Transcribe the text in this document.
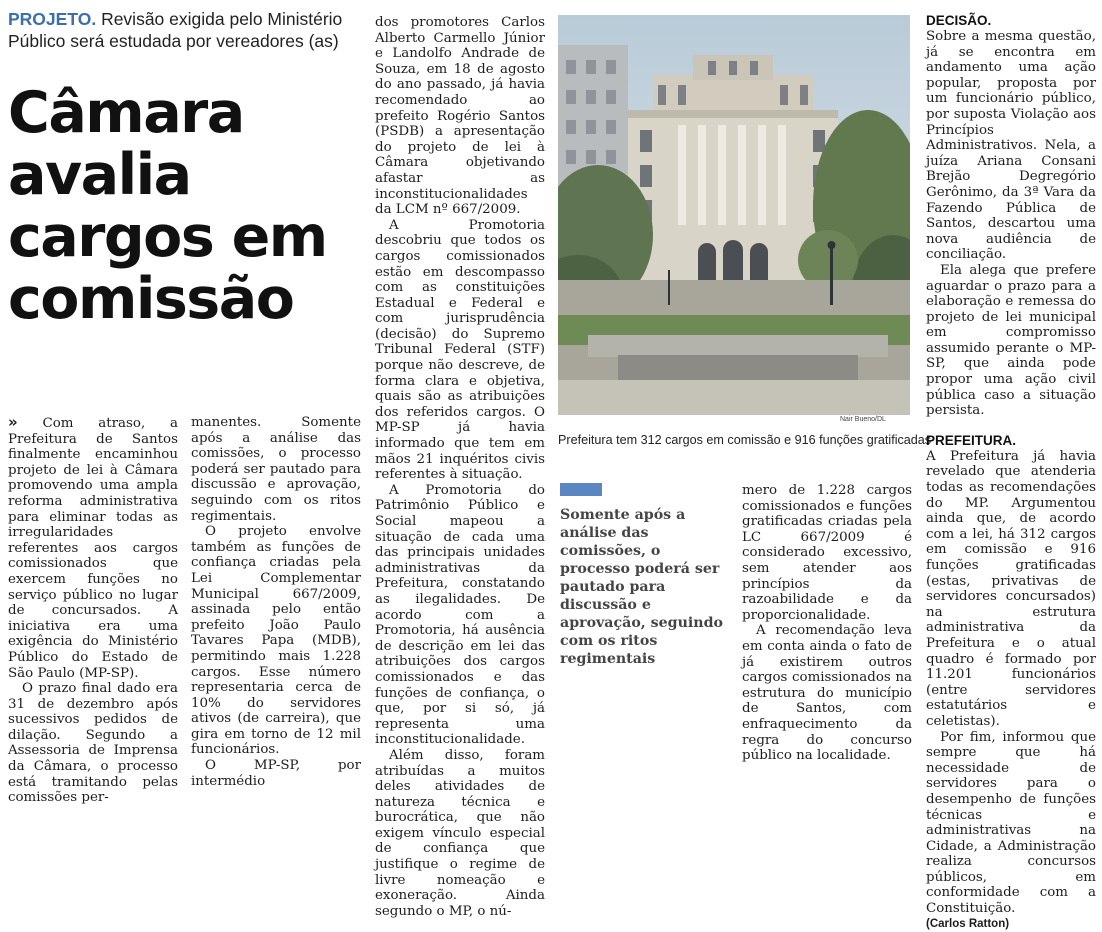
PROJETO. Revisão exigida pelo Ministério Público será estudada por vereadores (as)
Câmara avalia cargos em comissão

» Com atraso, a Prefeitura de Santos finalmente encaminhou projeto de lei à Câmara promovendo uma ampla reforma administrativa para eliminar todas as irregularidades referentes aos cargos comissionados que exercem funções no serviço público no lugar de concursados. A iniciativa era uma exigência do Ministério Público do Estado de São Paulo (MP-SP).

O prazo final dado era 31 de dezembro após sucessivos pedidos de dilação. Segundo a Assessoria de Imprensa da Câmara, o processo está tramitando pelas comissões per-

manentes. Somente após a análise das comissões, o processo poderá ser pautado para discussão e aprovação, seguindo com os ritos regimentais.

O projeto envolve também as funções de confiança criadas pela Lei Complementar Municipal 667/2009, assinada pelo então prefeito João Paulo Tavares Papa (MDB), permitindo mais 1.228 cargos. Esse número representaria cerca de 10% do servidores ativos (de carreira), que gira em torno de 12 mil funcionários.

O MP-SP, por intermédio

dos promotores Carlos Alberto Carmello Júnior e Landolfo Andrade de Souza, em 18 de agosto do ano passado, já havia recomendado ao prefeito Rogério Santos (PSDB) a apresentação do projeto de lei à Câmara objetivando afastar as inconstitucionalidades da LCM nº 667/2009.

A Promotoria descobriu que todos os cargos comissionados estão em descompasso com as constituições Estadual e Federal e com jurisprudência (decisão) do Supremo Tribunal Federal (STF) porque não descreve, de forma clara e objetiva, quais são as atribuições dos referidos cargos. O MP-SP já havia informado que tem em mãos 21 inquéritos civis referentes à situação.

A Promotoria do Patrimônio Público e Social mapeou a situação de cada uma das principais unidades administrativas da Prefeitura, constatando as ilegalidades. De acordo com a Promotoria, há ausência de descrição em lei das atribuições dos cargos comissionados e das funções de confiança, o que, por si só, já representa uma inconstitucionalidade.

Além disso, foram atribuídas a muitos deles atividades de natureza técnica e burocrática, que não exigem vínculo especial de confiança que justifique o regime de livre nomeação e exoneração. Ainda segundo o MP, o nú-

Nair Bueno/DL
Prefeitura tem 312 cargos em comissão e 916 funções gratificadas
Somente após a análise das comissões, o processo poderá ser pautado para discussão e aprovação, seguindo com os ritos regimentais

mero de 1.228 cargos comissionados e funções gratificadas criadas pela LC 667/2009 é considerado excessivo, sem atender aos princípios da razoabilidade e da proporcionalidade.

A recomendação leva em conta ainda o fato de já existirem outros cargos comissionados na estrutura do município de Santos, com enfraquecimento da regra do concurso público na localidade.

DECISÃO.

Sobre a mesma questão, já se encontra em andamento uma ação popular, proposta por um funcionário público, por suposta Violação aos Princípios Administrativos. Nela, a juíza Ariana Consani Brejão Degregório Gerônimo, da 3ª Vara da Fazendo Pública de Santos, descartou uma nova audiência de conciliação.

Ela alega que prefere aguardar o prazo para a elaboração e remessa do projeto de lei municipal em compromisso assumido perante o MP-SP, que ainda pode propor uma ação civil pública caso a situação persista.

PREFEITURA.

A Prefeitura já havia revelado que atenderia todas as recomendações do MP. Argumentou ainda que, de acordo com a lei, há 312 cargos em comissão e 916 funções gratificadas (estas, privativas de servidores concursados) na estrutura administrativa da Prefeitura e o atual quadro é formado por 11.201 funcionários (entre servidores estatutários e celetistas).

Por fim, informou que sempre que há necessidade de servidores para o desempenho de funções técnicas e administrativas na Cidade, a Administração realiza concursos públicos, em conformidade com a Constituição.

(Carlos Ratton)
